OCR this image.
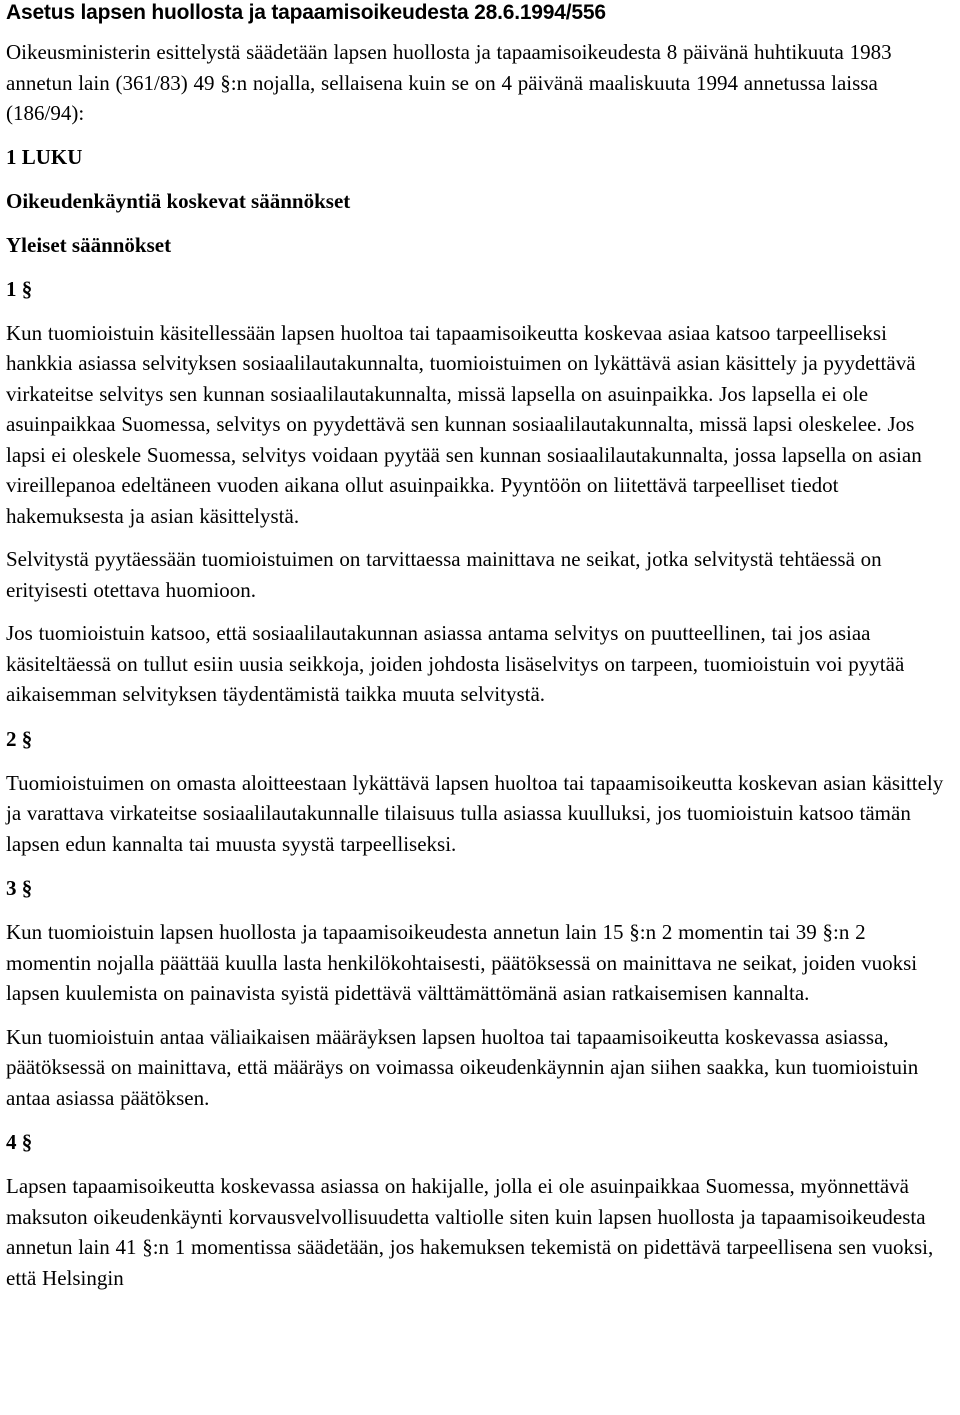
Asetus lapsen huollosta ja tapaamisoikeudesta 28.6.1994/556

Oikeusministerin esittelystä säädetään lapsen huollosta ja tapaamisoikeudesta 8 päivänä huhtikuuta 1983 annetun lain (361/83) 49 §:n nojalla, sellaisena kuin se on 4 päivänä maaliskuuta 1994 annetussa laissa (186/94):

1 LUKU
Oikeudenkäyntiä koskevat säännökset
Yleiset säännökset
1 §

Kun tuomioistuin käsitellessään lapsen huoltoa tai tapaamisoikeutta koskevaa asiaa katsoo tarpeelliseksi hankkia asiassa selvityksen sosiaalilautakunnalta, tuomioistuimen on lykättävä asian käsittely ja pyydettävä virkateitse selvitys sen kunnan sosiaalilautakunnalta, missä lapsella on asuinpaikka. Jos lapsella ei ole asuinpaikkaa Suomessa, selvitys on pyydettävä sen kunnan sosiaalilautakunnalta, missä lapsi oleskelee. Jos lapsi ei oleskele Suomessa, selvitys voidaan pyytää sen kunnan sosiaalilautakunnalta, jossa lapsella on asian vireillepanoa edeltäneen vuoden aikana ollut asuinpaikka. Pyyntöön on liitettävä tarpeelliset tiedot hakemuksesta ja asian käsittelystä.

Selvitystä pyytäessään tuomioistuimen on tarvittaessa mainittava ne seikat, jotka selvitystä tehtäessä on erityisesti otettava huomioon.

Jos tuomioistuin katsoo, että sosiaalilautakunnan asiassa antama selvitys on puutteellinen, tai jos asiaa käsiteltäessä on tullut esiin uusia seikkoja, joiden johdosta lisäselvitys on tarpeen, tuomioistuin voi pyytää aikaisemman selvityksen täydentämistä taikka muuta selvitystä.

2 §

Tuomioistuimen on omasta aloitteestaan lykättävä lapsen huoltoa tai tapaamisoikeutta koskevan asian käsittely ja varattava virkateitse sosiaalilautakunnalle tilaisuus tulla asiassa kuulluksi, jos tuomioistuin katsoo tämän lapsen edun kannalta tai muusta syystä tarpeelliseksi.

3 §

Kun tuomioistuin lapsen huollosta ja tapaamisoikeudesta annetun lain 15 §:n 2 momentin tai 39 §:n 2 momentin nojalla päättää kuulla lasta henkilökohtaisesti, päätöksessä on mainittava ne seikat, joiden vuoksi lapsen kuulemista on painavista syistä pidettävä välttämättömänä asian ratkaisemisen kannalta.

Kun tuomioistuin antaa väliaikaisen määräyksen lapsen huoltoa tai tapaamisoikeutta koskevassa asiassa, päätöksessä on mainittava, että määräys on voimassa oikeudenkäynnin ajan siihen saakka, kun tuomioistuin antaa asiassa päätöksen.

4 §

Lapsen tapaamisoikeutta koskevassa asiassa on hakijalle, jolla ei ole asuinpaikkaa Suomessa, myönnettävä maksuton oikeudenkäynti korvausvelvollisuudetta valtiolle siten kuin lapsen huollosta ja tapaamisoikeudesta annetun lain 41 §:n 1 momentissa säädetään, jos hakemuksen tekemistä on pidettävä tarpeellisena sen vuoksi, että Helsingin
